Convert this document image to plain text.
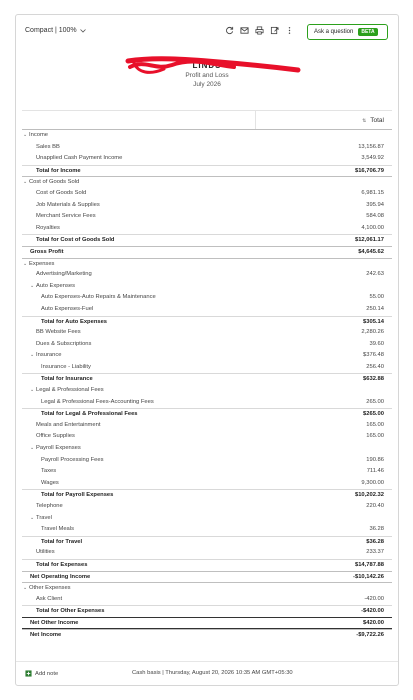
Compact | 100%	Ask a question	BETA
LINDS
Profit and Loss
July 2026
⇅ Total
⌄ Income
Sales BB	13,156.87
Unapplied Cash Payment Income	3,549.92
Total for Income	$16,706.79
⌄ Cost of Goods Sold
Cost of Goods Sold	6,981.15
Job Materials & Supplies	395.94
Merchant Service Fees	584.08
Royalties	4,100.00
Total for Cost of Goods Sold	$12,061.17
Gross Profit	$4,645.62
⌄ Expenses
Advertising/Marketing	242.63
⌄ Auto Expenses
Auto Expenses-Auto Repairs & Maintenance	55.00
Auto Expenses-Fuel	250.14
Total for Auto Expenses	$305.14
BB Website Fees	2,280.26
Dues & Subscriptions	39.60
⌄ Insurance	$376.48
Insurance - Liability	256.40
Total for Insurance	$632.88
⌄ Legal & Professional Fees
Legal & Professional Fees-Accounting Fees	265.00
Total for Legal & Professional Fees	$265.00
Meals and Entertainment	165.00
Office Supplies	165.00
⌄ Payroll Expenses
Payroll Processing Fees	190.86
Taxes	711.46
Wages	9,300.00
Total for Payroll Expenses	$10,202.32
Telephone	220.40
⌄ Travel
Travel Meals	36.28
Total for Travel	$36.28
Utilities	233.37
Total for Expenses	$14,787.88
Net Operating Income	-$10,142.26
⌄ Other Expenses
Ask Client	-420.00
Total for Other Expenses	-$420.00
Net Other Income	$420.00
Net Income	-$9,722.26
Add note	Cash basis | Thursday, August 20, 2026 10:35 AM GMT+05:30
